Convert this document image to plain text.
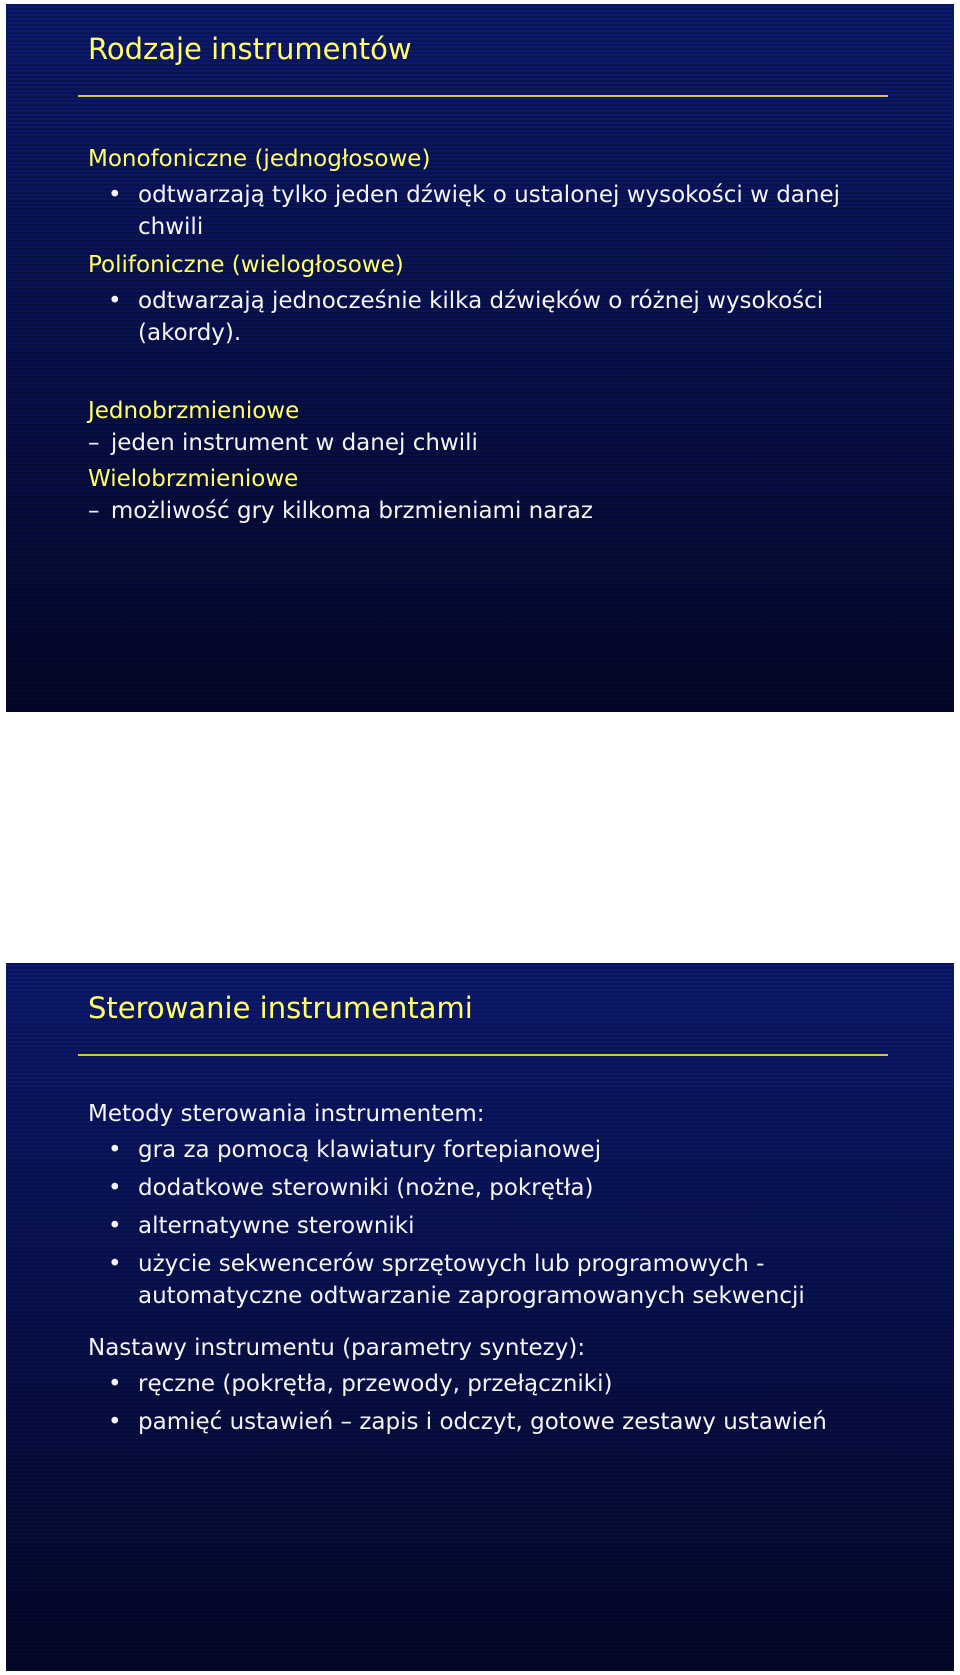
Rodzaje instrumentów

Monofoniczne (jednogłosowe)

• odtwarzają tylko jeden dźwięk o ustalonej wysokości w danej chwili

Polifoniczne (wielogłosowe)

• odtwarzają jednocześnie kilka dźwięków o różnej wysokości (akordy).

Jednobrzmieniowe

– jeden instrument w danej chwili

Wielobrzmieniowe

– możliwość gry kilkoma brzmieniami naraz

Sterowanie instrumentami

Metody sterowania instrumentem:

• gra za pomocą klawiatury fortepianowej
• dodatkowe sterowniki (nożne, pokrętła)
• alternatywne sterowniki
• użycie sekwencerów sprzętowych lub programowych - automatyczne odtwarzanie zaprogramowanych sekwencji

Nastawy instrumentu (parametry syntezy):

• ręczne (pokrętła, przewody, przełączniki)
• pamięć ustawień – zapis i odczyt, gotowe zestawy ustawień
